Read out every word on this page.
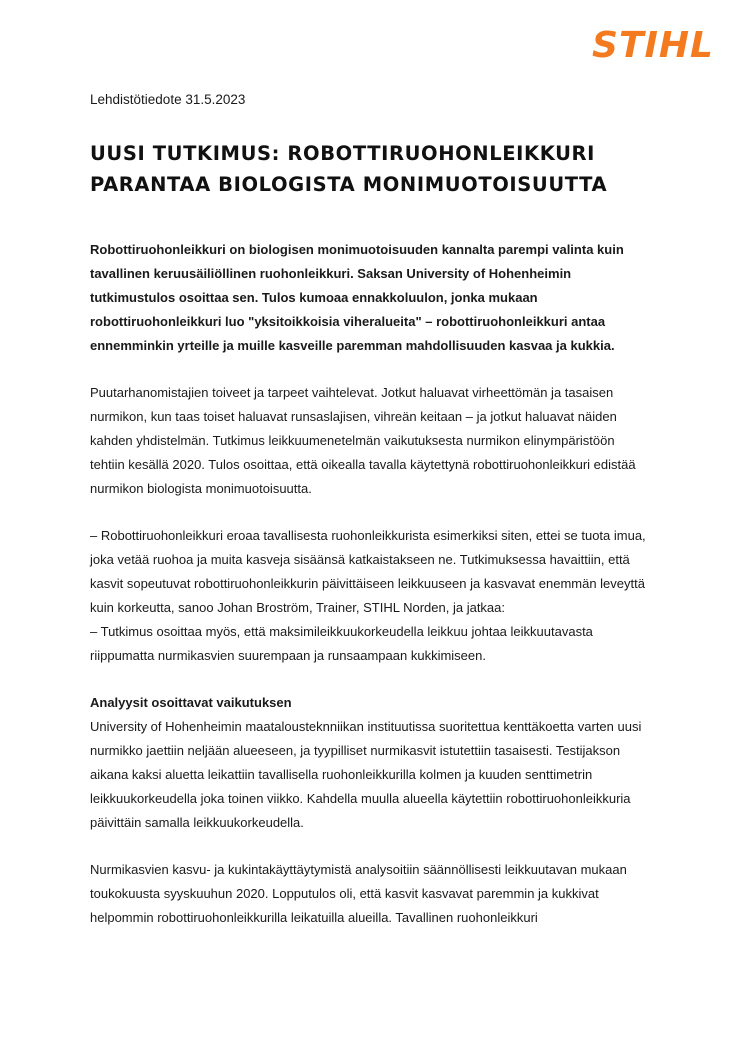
STIHL

Lehdistötiedote 31.5.2023

UUSI TUTKIMUS: ROBOTTIRUOHONLEIKKURI
PARANTAA BIOLOGISTA MONIMUOTOISUUTTA

Robottiruohonleikkuri on biologisen monimuotoisuuden kannalta parempi valinta kuin tavallinen keruusäiliöllinen ruohonleikkuri. Saksan University of Hohenheimin tutkimustulos osoittaa sen. Tulos kumoaa ennakkoluulon, jonka mukaan robottiruohonleikkuri luo "yksitoikkoisia viheralueita" – robottiruohonleikkuri antaa ennemminkin yrteille ja muille kasveille paremman mahdollisuuden kasvaa ja kukkia.

Puutarhanomistajien toiveet ja tarpeet vaihtelevat. Jotkut haluavat virheettömän ja tasaisen nurmikon, kun taas toiset haluavat runsaslajisen, vihreän keitaan – ja jotkut haluavat näiden kahden yhdistelmän. Tutkimus leikkuumenetelmän vaikutuksesta nurmikon elinympäristöön tehtiin kesällä 2020. Tulos osoittaa, että oikealla tavalla käytettynä robottiruohonleikkuri edistää nurmikon biologista monimuotoisuutta.

– Robottiruohonleikkuri eroaa tavallisesta ruohonleikkurista esimerkiksi siten, ettei se tuota imua, joka vetää ruohoa ja muita kasveja sisäänsä katkaistakseen ne. Tutkimuksessa havaittiin, että kasvit sopeutuvat robottiruohonleikkurin päivittäiseen leikkuuseen ja kasvavat enemmän leveyttä kuin korkeutta, sanoo Johan Broström, Trainer, STIHL Norden, ja jatkaa:
– Tutkimus osoittaa myös, että maksimileikkuukorkeudella leikkuu johtaa leikkuutavasta riippumatta nurmikasvien suurempaan ja runsaampaan kukkimiseen.

Analyysit osoittavat vaikutuksen

University of Hohenheimin maatalousteknniikan instituutissa suoritettua kenttäkoetta varten uusi nurmikko jaettiin neljään alueeseen, ja tyypilliset nurmikasvit istutettiin tasaisesti. Testijakson aikana kaksi aluetta leikattiin tavallisella ruohonleikkurilla kolmen ja kuuden senttimetrin leikkuukorkeudella joka toinen viikko. Kahdella muulla alueella käytettiin robottiruohonleikkuria päivittäin samalla leikkuukorkeudella.

Nurmikasvien kasvu- ja kukintakäyttäytymistä analysoitiin säännöllisesti leikkuutavan mukaan toukokuusta syyskuuhun 2020. Lopputulos oli, että kasvit kasvavat paremmin ja kukkivat helpommin robottiruohonleikkurilla leikatuilla alueilla. Tavallinen ruohonleikkuri
